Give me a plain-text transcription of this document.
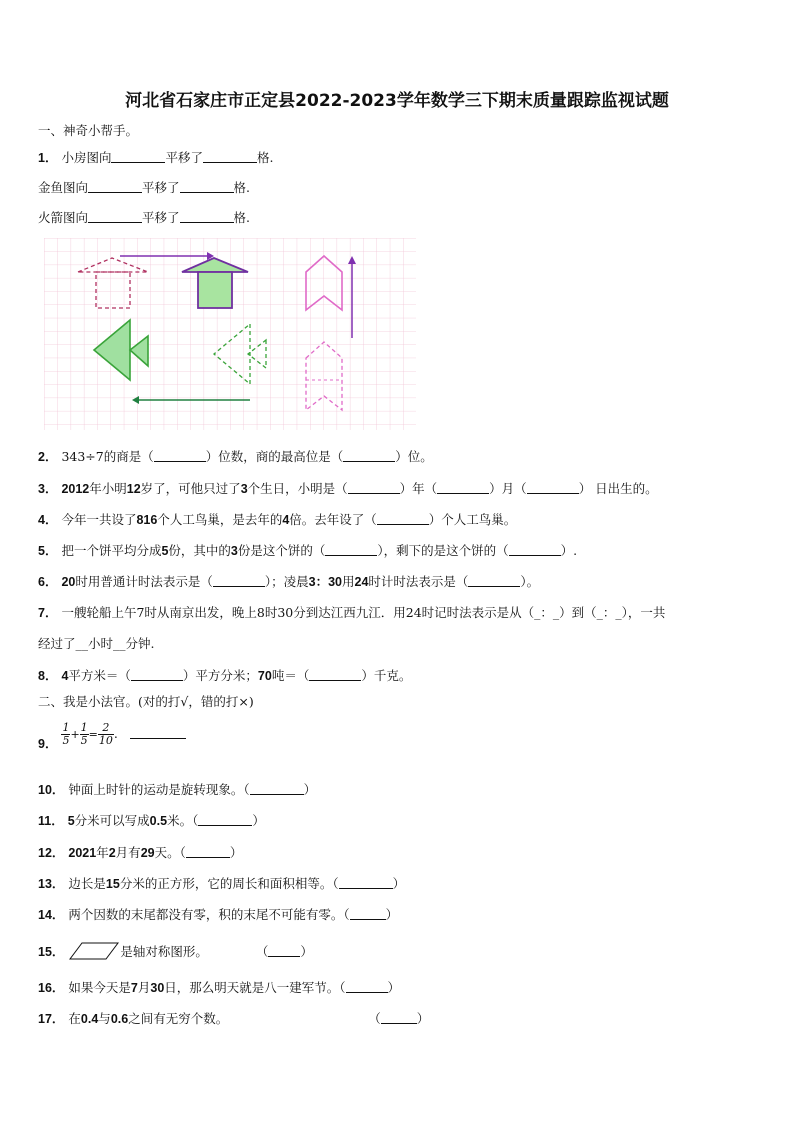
河北省石家庄市正定县2022-2023学年数学三下期末质量跟踪监视试题
一、神奇小帮手。
1． 小房图向	平移了	格.
金鱼图向	平移了	格.
火箭图向	平移了	格.
2． 343÷7的商是（	）位数，商的最高位是（	）位。
3． 2012年小明12岁了，可他只过了3个生日，小明是（	）年（	）月（	） 日出生的。
4． 今年一共设了816个人工鸟巢，是去年的4倍。去年设了（	）个人工鸟巢。
5． 把一个饼平均分成5份，其中的3份是这个饼的（	），剩下的是这个饼的（	）.
6． 20时用普通计时法表示是（	）；凌晨3：30用24时计时法表示是（	）。
7． 一艘轮船上午7时从南京出发，晚上8时30分到达江西九江．用24时记时法表示是从（_：_）到（_：_），一共
经过了__小时__分钟.
8． 4平方米＝（	）平方分米；70吨＝（	）千克。
二、我是小法官。(对的打√，错的打×)
9． $\frac{1}{5} + \frac{1}{5} = \frac{2}{10}$ .
10． 钟面上时针的运动是旋转现象。（	）
11． 5分米可以写成0.5米。（	）
12． 2021年2月有29天。（	）
13． 边长是15分米的正方形，它的周长和面积相等。（	）
14． 两个因数的末尾都没有零，积的末尾不可能有零。（	）
15．	是轴对称图形。	（	）
16． 如果今天是7月30日，那么明天就是八一建军节。（	）
17． 在0.4与0.6之间有无穷个数。	（	）
